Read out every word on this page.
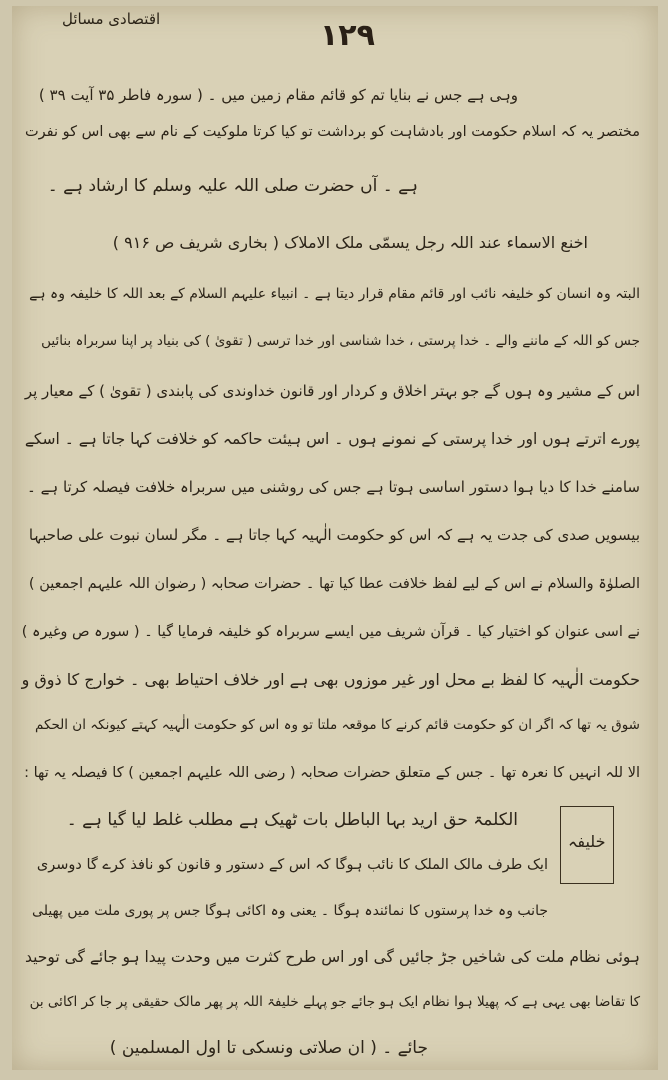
اقتصادی مسائل	۱۲۹
وہی ہے جس نے بنایا تم کو قائم مقام زمین میں ۔ ( سورہ فاطر ۳۵ آیت ۳۹ )
مختصر یہ کہ اسلام حکومت اور بادشاہت کو برداشت تو کیا کرتا ملوکیت کے نام سے بھی اس کو نفرت
ہے ۔ آں حضرت صلی اللہ علیہ وسلم کا ارشاد ہے ۔
اخنع الاسماء عند اللہ رجل یسمّی ملک الاملاک ( بخاری شریف ص ۹۱۶ )
البتہ وہ انسان کو خلیفہ نائب اور قائم مقام قرار دیتا ہے ۔ انبیاء علیہم السلام کے بعد اللہ کا خلیفہ وہ ہے
جس کو اللہ کے ماننے والے ۔ خدا پرستی ، خدا شناسی اور خدا ترسی ( تقویٰ ) کی بنیاد پر اپنا سربراہ بنائیں
اس کے مشیر وہ ہوں گے جو بہتر اخلاق و کردار اور قانون خداوندی کی پابندی ( تقویٰ ) کے معیار پر
پورے اترتے ہوں اور خدا پرستی کے نمونے ہوں ۔ اس ہیئت حاکمہ کو خلافت کہا جاتا ہے ۔ اسکے
سامنے خدا کا دیا ہوا دستور اساسی ہوتا ہے جس کی روشنی میں سربراہ خلافت فیصلہ کرتا ہے ۔
بیسویں صدی کی جدت یہ ہے کہ اس کو حکومت الٰہیہ کہا جاتا ہے ۔ مگر لسان نبوت علی صاحبہا
الصلوٰۃ والسلام نے اس کے لیے لفظ خلافت عطا کیا تھا ۔ حضرات صحابہ ( رضوان اللہ علیہم اجمعین )
نے اسی عنوان کو اختیار کیا ۔ قرآن شریف میں ایسے سربراہ کو خلیفہ فرمایا گیا ۔ ( سورہ ص وغیرہ )
حکومت الٰہیہ کا لفظ بے محل اور غیر موزوں بھی ہے اور خلاف احتیاط بھی ۔ خوارج کا ذوق و
شوق یہ تھا کہ اگر ان کو حکومت قائم کرنے کا موقعہ ملتا تو وہ اس کو حکومت الٰہیہ کہتے کیونکہ ان الحکم
الا للہ انہیں کا نعرہ تھا ۔ جس کے متعلق حضرات صحابہ ( رضی اللہ علیہم اجمعین ) کا فیصلہ یہ تھا :
الکلمۃ حق ارید بہا الباطل بات ٹھیک ہے مطلب غلط لیا گیا ہے ۔
خلیفہ
ایک طرف مالک الملک کا نائب ہوگا کہ اس کے دستور و قانون کو نافذ کرے گا دوسری
جانب وہ خدا پرستوں کا نمائندہ ہوگا ۔ یعنی وہ اکائی ہوگا جس پر پوری ملت میں پھیلی
ہوئی نظام ملت کی شاخیں جڑ جائیں گی اور اس طرح کثرت میں وحدت پیدا ہو جائے گی توحید
کا تقاضا بھی یہی ہے کہ پھیلا ہوا نظام ایک ہو جائے جو پہلے خلیفۃ اللہ پر پھر مالک حقیقی پر جا کر اکائی بن
جائے ۔ ( ان صلاتی ونسکی تا اول المسلمین )
